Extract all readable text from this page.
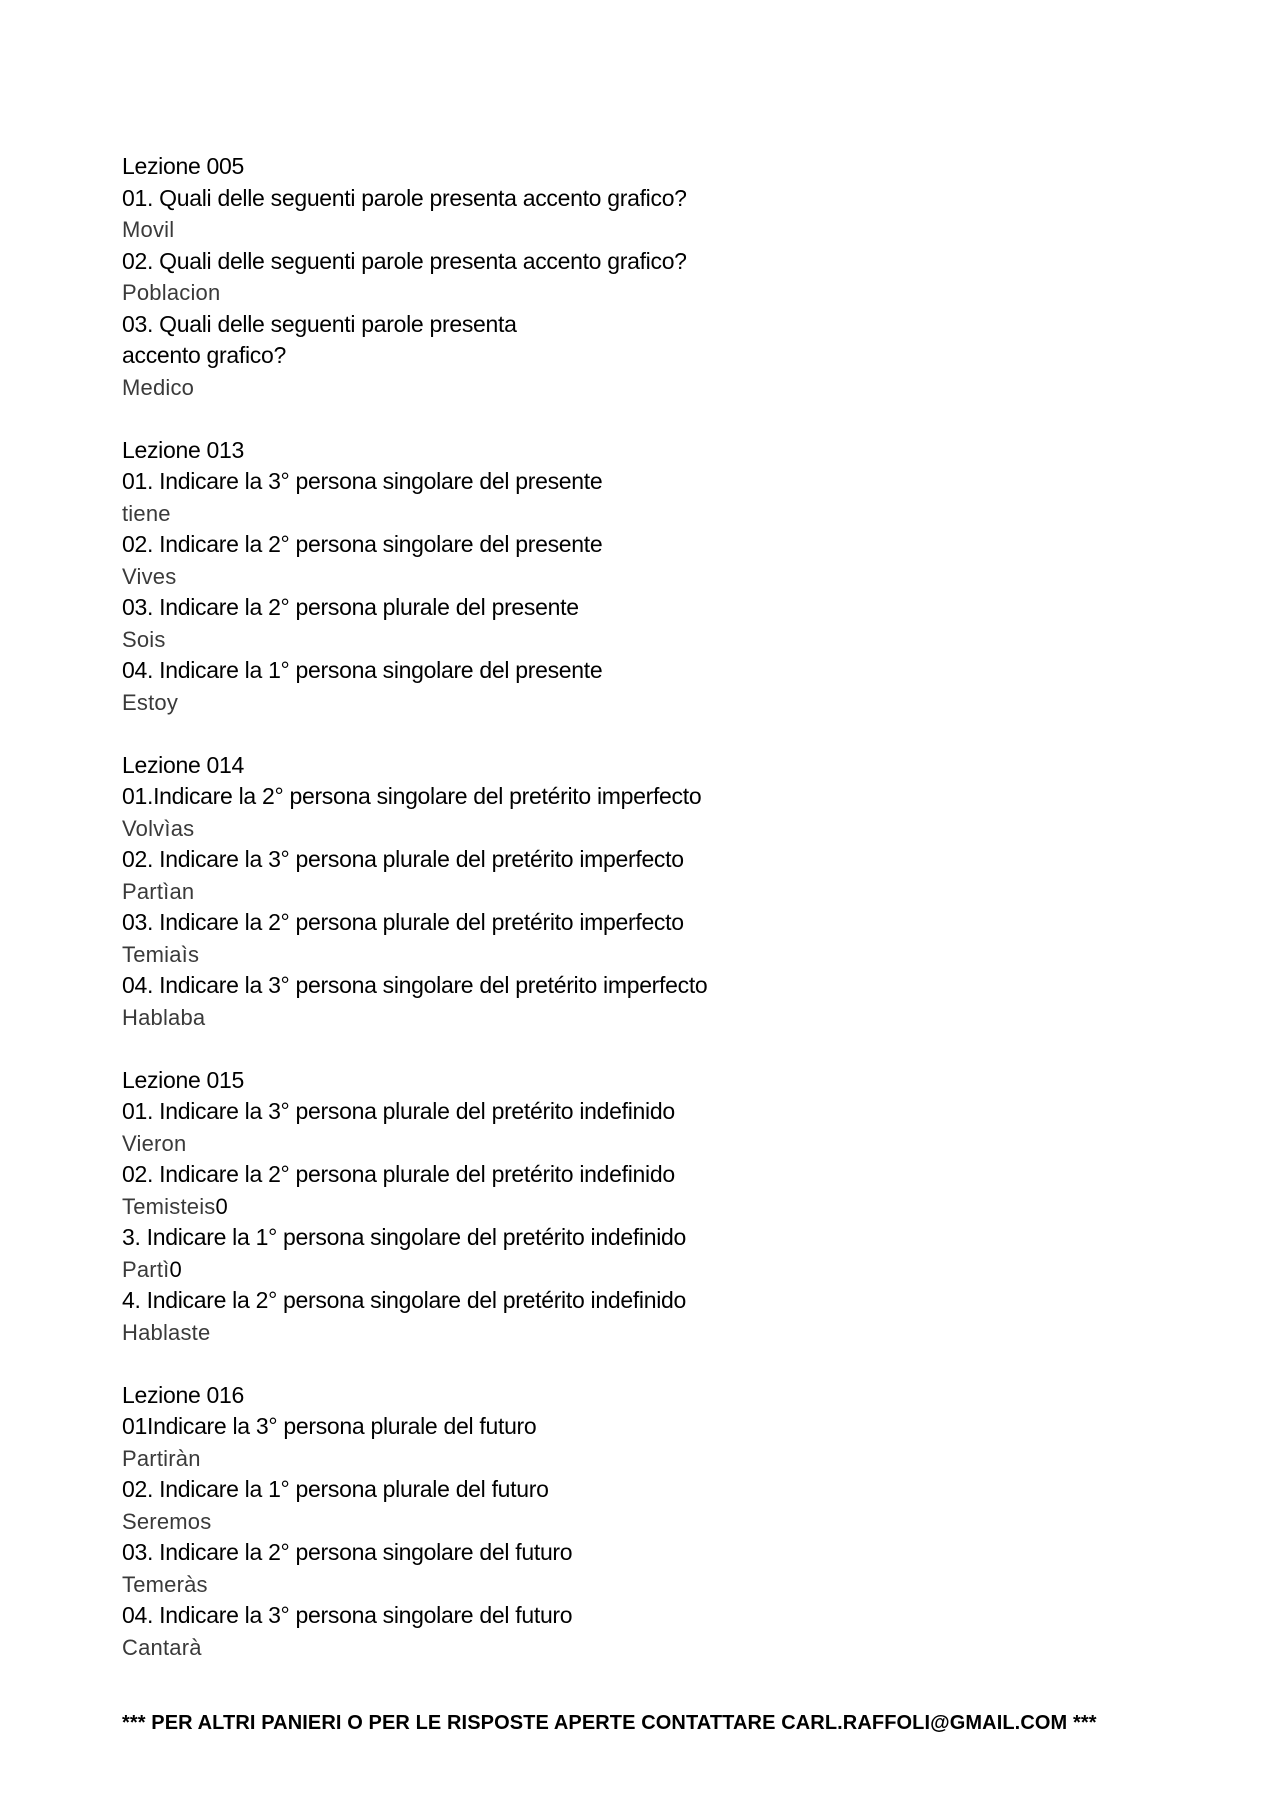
Lezione 005
01. Quali delle seguenti parole presenta accento grafico?
Movil
02. Quali delle seguenti parole presenta accento grafico?
Poblacion
03. Quali delle seguenti parole presenta
accento grafico?
Medico
Lezione 013
01. Indicare la 3° persona singolare del presente
tiene
02. Indicare la 2° persona singolare del presente
Vives
03. Indicare la 2° persona plurale del presente
Sois
04. Indicare la 1° persona singolare del presente
Estoy
Lezione 014
01.Indicare la 2° persona singolare del pretérito imperfecto
Volvìas
02. Indicare la 3° persona plurale del pretérito imperfecto
Partìan
03. Indicare la 2° persona plurale del pretérito imperfecto
Temiaìs
04. Indicare la 3° persona singolare del pretérito imperfecto
Hablaba
Lezione 015
01. Indicare la 3° persona plurale del pretérito indefinido
Vieron
02. Indicare la 2° persona plurale del pretérito indefinido
Temisteis0
3. Indicare la 1° persona singolare del pretérito indefinido
Partì0
4. Indicare la 2° persona singolare del pretérito indefinido
Hablaste
Lezione 016
01Indicare la 3° persona plurale del futuro
Partiràn
02. Indicare la 1° persona plurale del futuro
Seremos
03. Indicare la 2° persona singolare del futuro
Temeràs
04. Indicare la 3° persona singolare del futuro
Cantarà
*** PER ALTRI PANIERI O PER LE RISPOSTE APERTE CONTATTARE CARL.RAFFOLI@GMAIL.COM ***
